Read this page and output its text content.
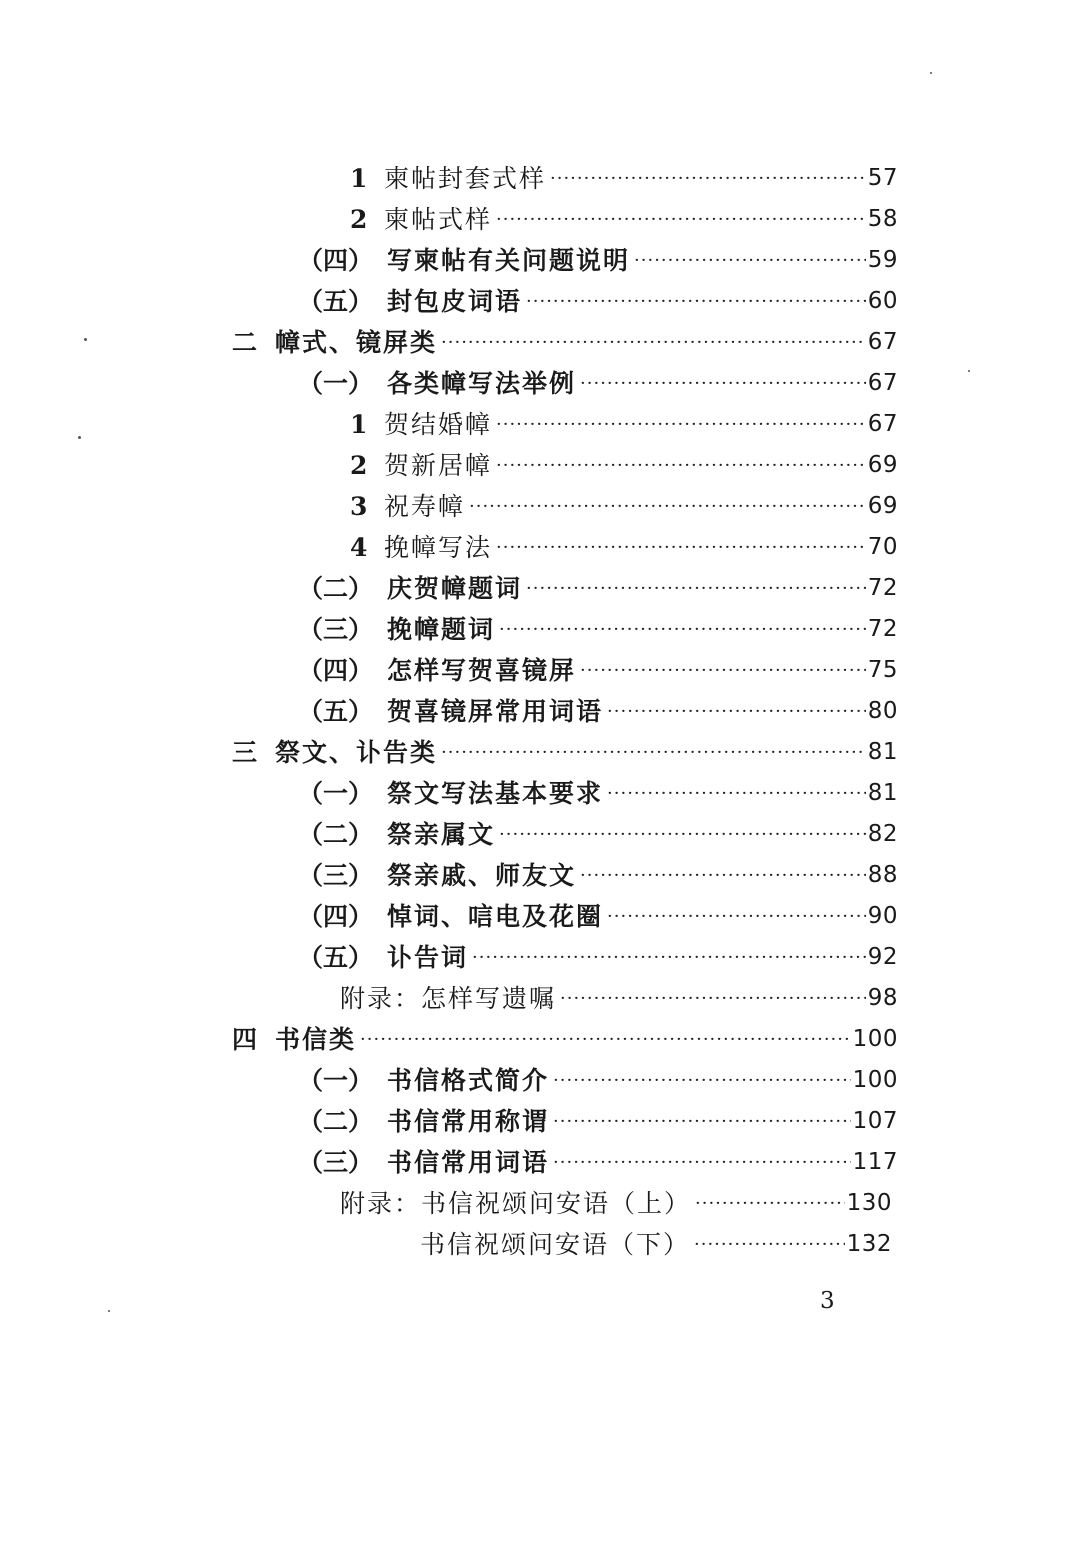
1 柬帖封套式样 ·····	57
2 柬帖式样 ·····	58
（四） 写柬帖有关问题说明 ·····	59
（五） 封包皮词语 ·····	60
二 幛式、镜屏类 ·····	67
（一） 各类幛写法举例 ·····	67
1 贺结婚幛 ·····	67
2 贺新居幛 ·····	69
3 祝寿幛 ·····	69
4 挽幛写法 ·····	70
（二） 庆贺幛题词 ·····	72
（三） 挽幛题词 ·····	72
（四） 怎样写贺喜镜屏 ·····	75
（五） 贺喜镜屏常用词语 ·····	80
三 祭文、讣告类 ·····	81
（一） 祭文写法基本要求 ·····	81
（二） 祭亲属文 ·····	82
（三） 祭亲戚、师友文 ·····	88
（四） 悼词、唁电及花圈 ·····	90
（五） 讣告词 ·····	92
附录：怎样写遗嘱 ·····	98
四 书信类 ·····	100
（一） 书信格式简介 ·····	100
（二） 书信常用称谓 ·····	107
（三） 书信常用词语 ·····	117
附录：书信祝颂问安语（上） ·····	130
书信祝颂问安语（下） ·····	132
3
